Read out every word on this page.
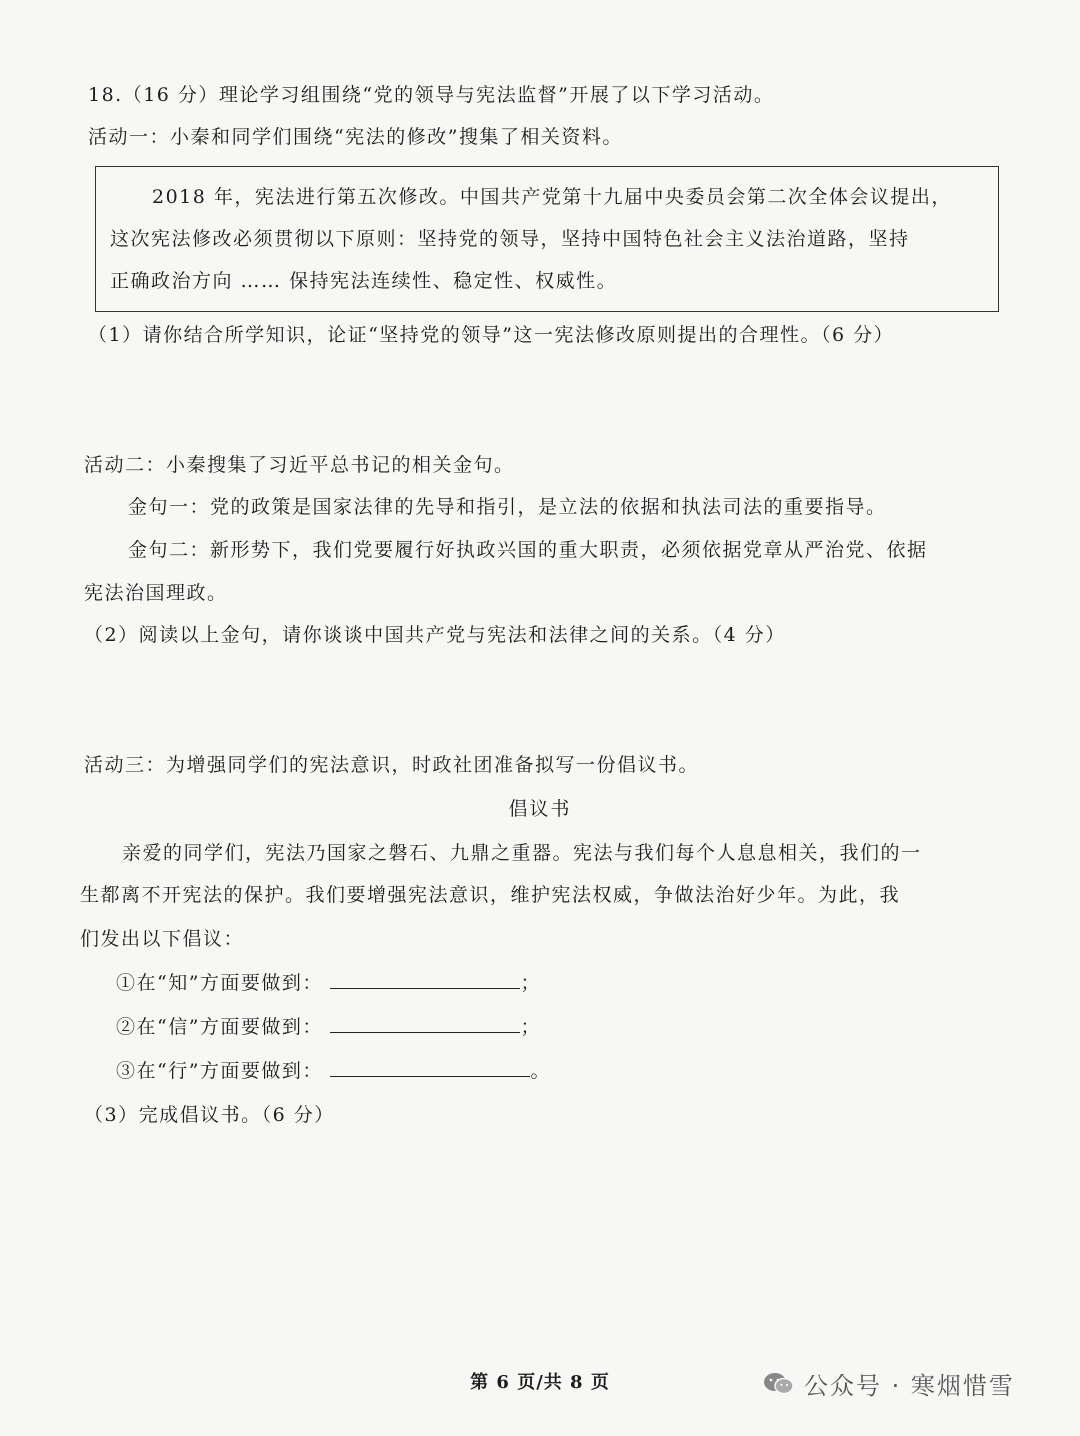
18.（16 分）理论学习组围绕“党的领导与宪法监督”开展了以下学习活动。
活动一：小秦和同学们围绕“宪法的修改”搜集了相关资料。
2018 年，宪法进行第五次修改。中国共产党第十九届中央委员会第二次全体会议提出，
这次宪法修改必须贯彻以下原则：坚持党的领导，坚持中国特色社会主义法治道路，坚持
正确政治方向 …… 保持宪法连续性、稳定性、权威性。
（1）请你结合所学知识，论证“坚持党的领导”这一宪法修改原则提出的合理性。（6 分）
活动二：小秦搜集了习近平总书记的相关金句。
金句一：党的政策是国家法律的先导和指引，是立法的依据和执法司法的重要指导。
金句二：新形势下，我们党要履行好执政兴国的重大职责，必须依据党章从严治党、依据
宪法治国理政。
（2）阅读以上金句，请你谈谈中国共产党与宪法和法律之间的关系。（4 分）
活动三：为增强同学们的宪法意识，时政社团准备拟写一份倡议书。
倡议书
亲爱的同学们，宪法乃国家之磐石、九鼎之重器。宪法与我们每个人息息相关，我们的一
生都离不开宪法的保护。我们要增强宪法意识，维护宪法权威，争做法治好少年。为此，我
们发出以下倡议：
①在“知”方面要做到：	；
②在“信”方面要做到：	；
③在“行”方面要做到：	。
（3）完成倡议书。（6 分）
第 6 页/共 8 页	公众号 · 寒烟惜雪
